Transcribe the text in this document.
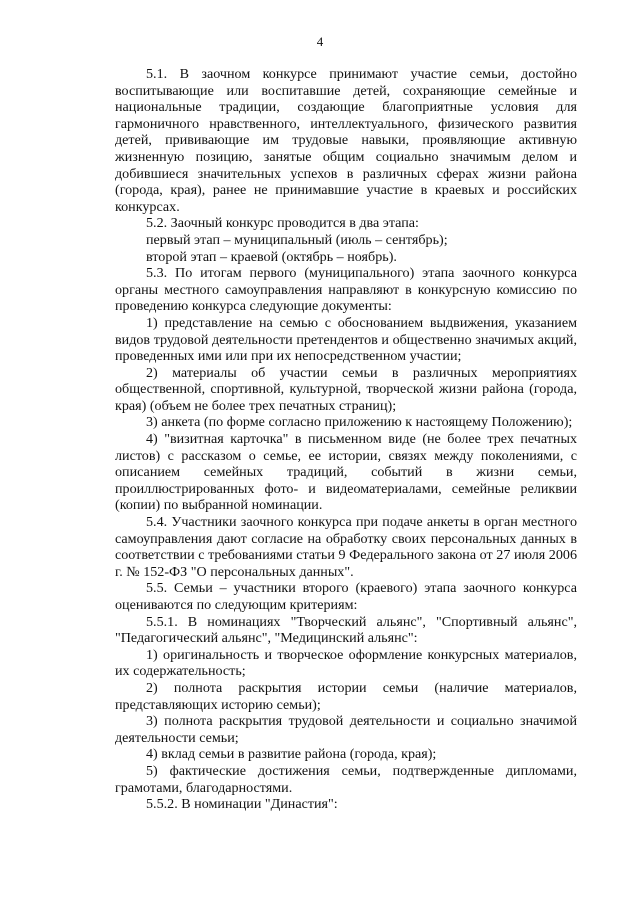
4

5.1. В заочном конкурсе принимают участие семьи, достойно воспитывающие или воспитавшие детей, сохраняющие семейные и национальные традиции, создающие благоприятные условия для гармоничного нравственного, интеллектуального, физического развития детей, прививающие им трудовые навыки, проявляющие активную жизненную позицию, занятые общим социально значимым делом и добившиеся значительных успехов в различных сферах жизни района (города, края), ранее не принимавшие участие в краевых и российских конкурсах.

5.2. Заочный конкурс проводится в два этапа:

первый этап – муниципальный (июль – сентябрь);

второй этап – краевой (октябрь – ноябрь).

5.3. По итогам первого (муниципального) этапа заочного конкурса органы местного самоуправления направляют в конкурсную комиссию по проведению конкурса следующие документы:

1) представление на семью с обоснованием выдвижения, указанием видов трудовой деятельности претендентов и общественно значимых акций, проведенных ими или при их непосредственном участии;

2) материалы об участии семьи в различных мероприятиях общественной, спортивной, культурной, творческой жизни района (города, края) (объем не более трех печатных страниц);

3) анкета (по форме согласно приложению к настоящему Положению);

4) "визитная карточка" в письменном виде (не более трех печатных листов) с рассказом о семье, ее истории, связях между поколениями, с описанием семейных традиций, событий в жизни семьи, проиллюстрированных фото- и видеоматериалами, семейные реликвии (копии) по выбранной номинации.

5.4. Участники заочного конкурса при подаче анкеты в орган местного самоуправления дают согласие на обработку своих персональных данных в соответствии с требованиями статьи 9 Федерального закона от 27 июля 2006 г. № 152-ФЗ "О персональных данных".

5.5. Семьи – участники второго (краевого) этапа заочного конкурса оцениваются по следующим критериям:

5.5.1. В номинациях "Творческий альянс", "Спортивный альянс", "Педагогический альянс", "Медицинский альянс":

1) оригинальность и творческое оформление конкурсных материалов, их содержательность;

2) полнота раскрытия истории семьи (наличие материалов, представляющих историю семьи);

3) полнота раскрытия трудовой деятельности и социально значимой деятельности семьи;

4) вклад семьи в развитие района (города, края);

5) фактические достижения семьи, подтвержденные дипломами, грамотами, благодарностями.

5.5.2. В номинации "Династия":
